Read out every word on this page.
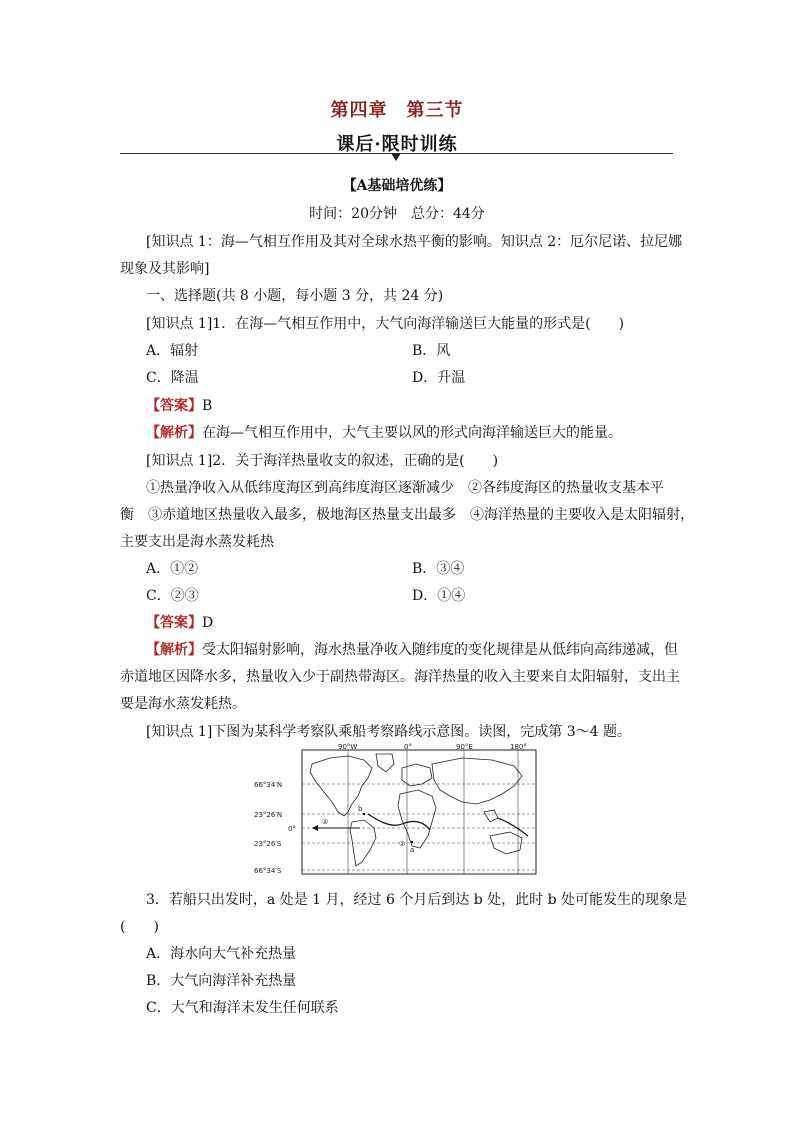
第四章　第三节
课后·限时训练
【A基础培优练】
时间：20分钟　总分：44分
[知识点 1：海—气相互作用及其对全球水热平衡的影响。知识点 2：厄尔尼诺、拉尼娜
现象及其影响]
一、选择题(共 8 小题，每小题 3 分，共 24 分)
[知识点 1]1．在海—气相互作用中，大气向海洋输送巨大能量的形式是(　　)
A．辐射	B．风
C．降温	D．升温
【答案】B
【解析】在海—气相互作用中，大气主要以风的形式向海洋输送巨大的能量。
[知识点 1]2．关于海洋热量收支的叙述，正确的是(　　)
①热量净收入从低纬度海区到高纬度海区逐渐减少　②各纬度海区的热量收支基本平
衡　③赤道地区热量收入最多，极地海区热量支出最多　④海洋热量的主要收入是太阳辐射，
主要支出是海水蒸发耗热
A．①②	B．③④
C．②③	D．①④
【答案】D
【解析】受太阳辐射影响，海水热量净收入随纬度的变化规律是从低纬向高纬递减，但
赤道地区因降水多，热量收入少于副热带海区。海洋热量的收入主要来自太阳辐射，支出主
要是海水蒸发耗热。
[知识点 1]下图为某科学考察队乘船考察路线示意图。读图，完成第 3～4 题。
90°W	0°	90°E	180°
66°34′N
23°26′N
0°
23°26′S
66°34′S
①
②
a
b
3．若船只出发时，a 处是 1 月，经过 6 个月后到达 b 处，此时 b 处可能发生的现象是
(　　)
A．海水向大气补充热量
B．大气向海洋补充热量
C．大气和海洋未发生任何联系
